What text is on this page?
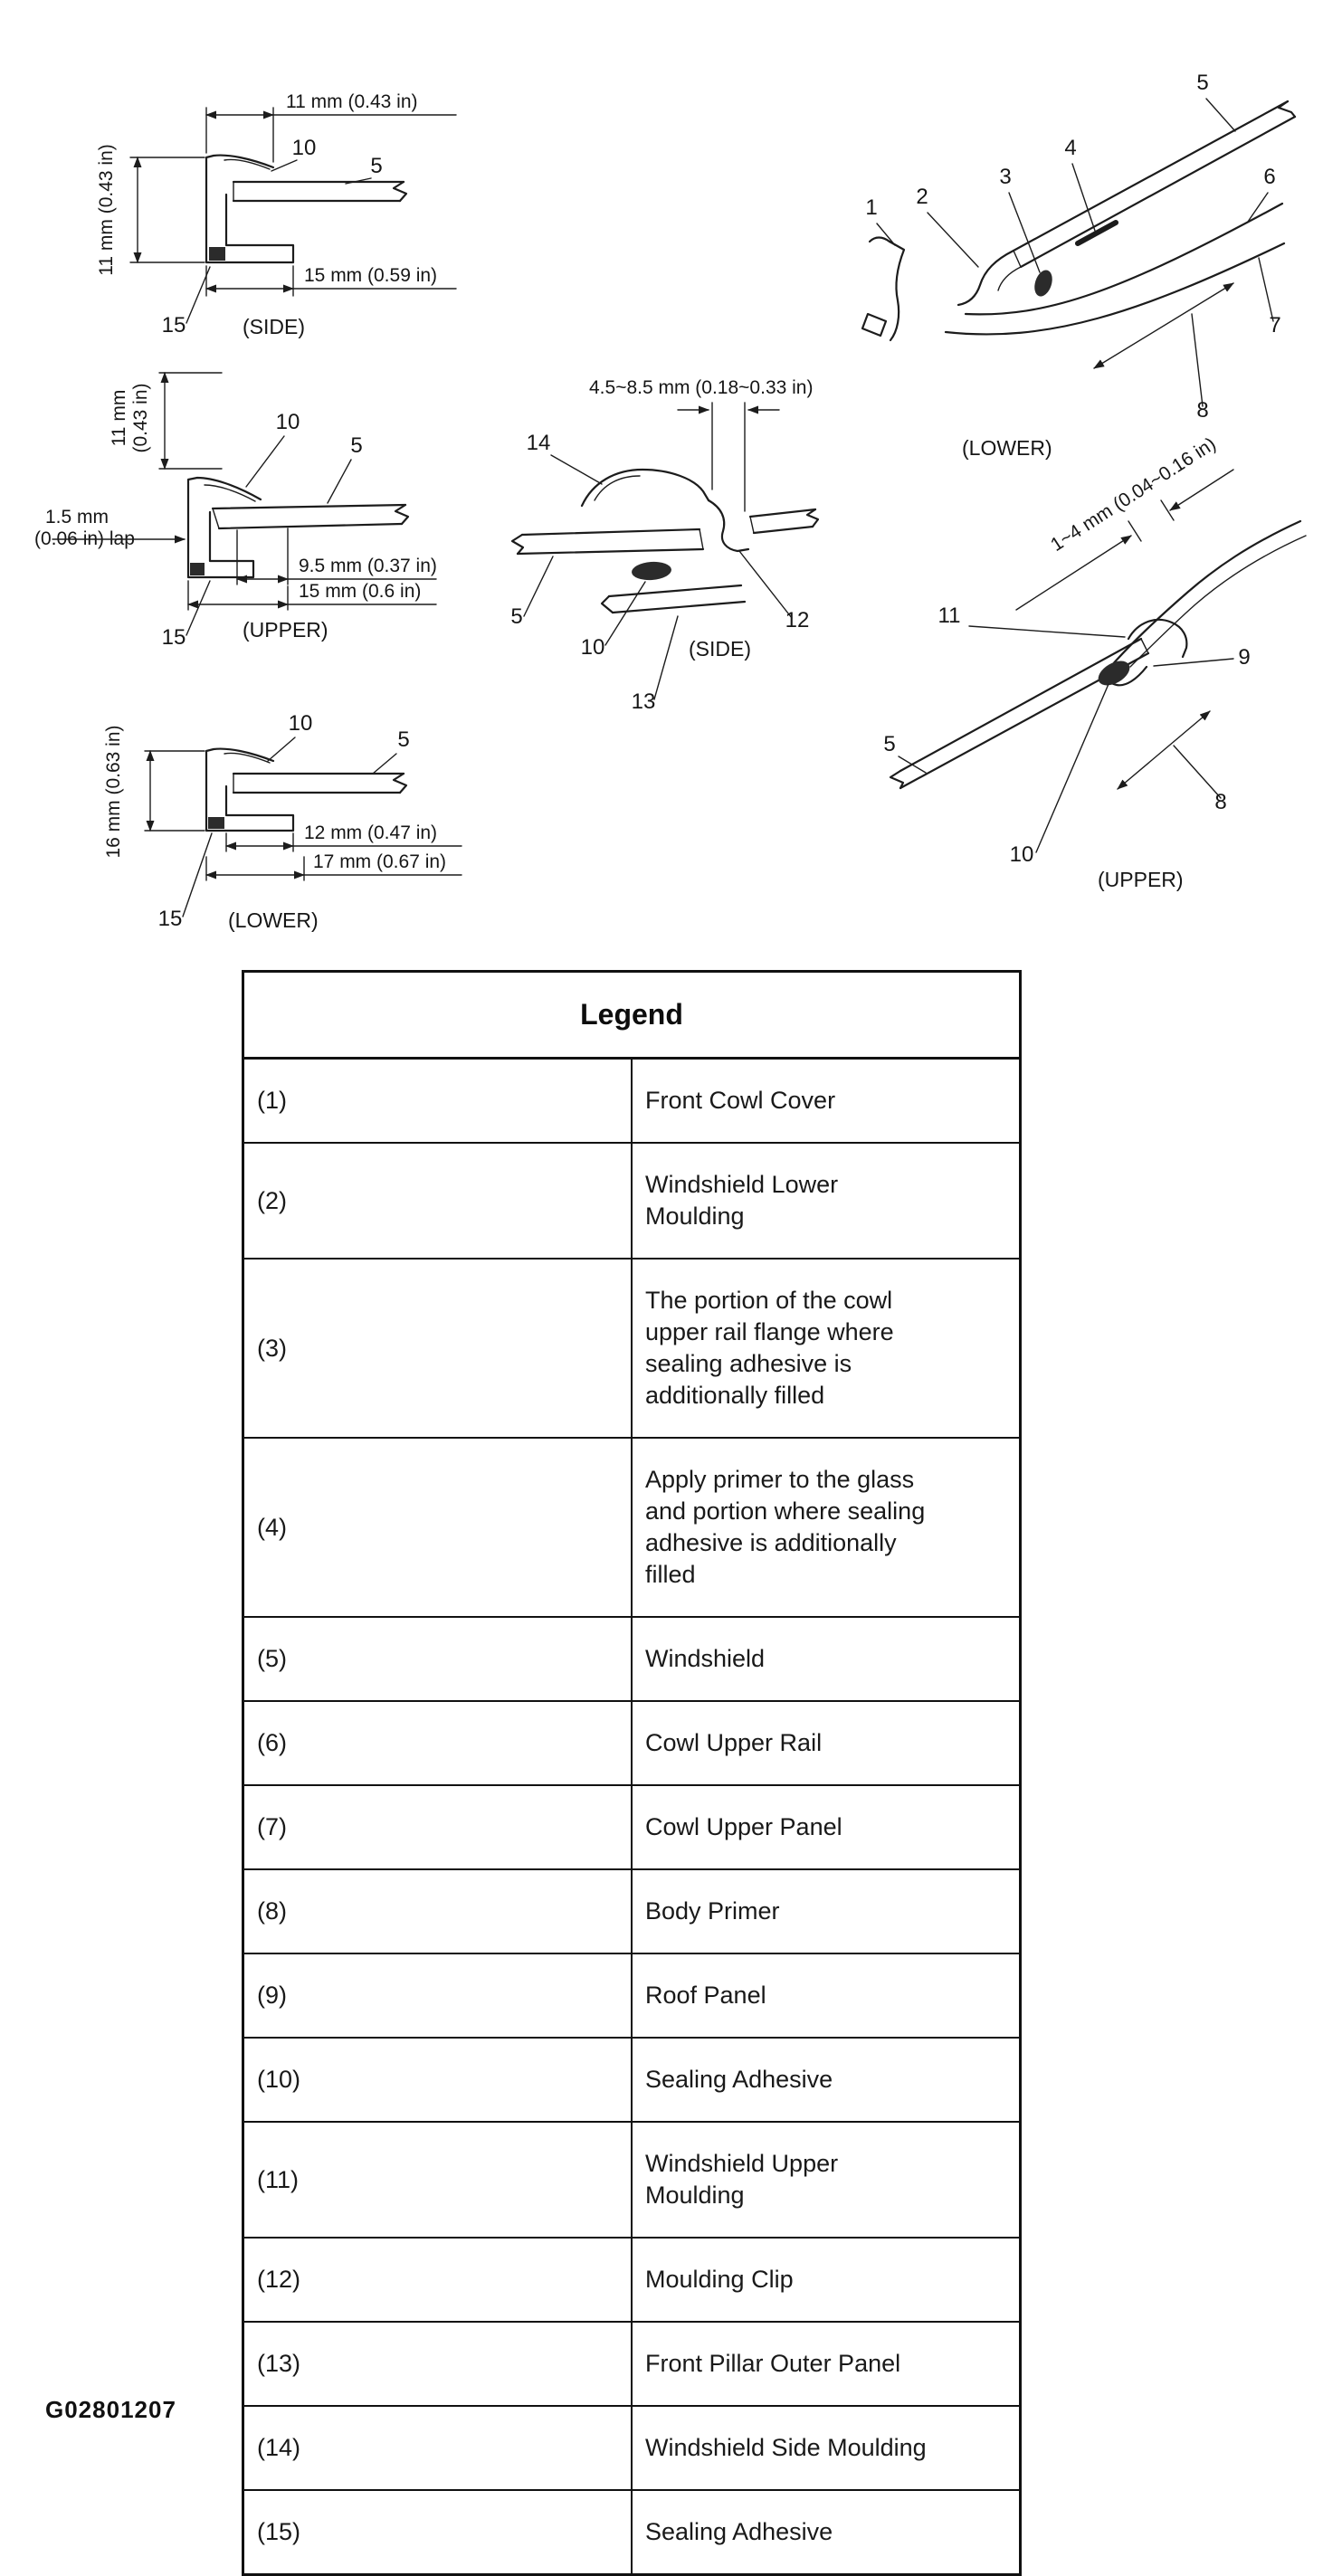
11 mm (0.43 in)
11 mm (0.43 in)	15 mm (0.59 in)
10
5
15	(SIDE)
11 mm (0.43 in)
1.5 mm
(0.06 in) lap
9.5 mm (0.37 in)
15 mm (0.6 in)
10
5
15	(UPPER)
16 mm (0.63 in)	12 mm (0.47 in)
17 mm (0.67 in)
10
5
15 (LOWER)
4.5~8.5 mm (0.18~0.33 in)
14
5
10
12
13
(SIDE)
1 2
3
4
5
6
7
8
(LOWER)
1~4 mm (0.04~0.16 in)
11
9
5
8
10
(UPPER)
Legend	
(1)	Front Cowl Cover
(2)	Windshield Lower Moulding
(3)	The portion of the cowl upper rail flange where sealing adhesive is additionally filled
(4)	Apply primer to the glass and portion where sealing adhesive is additionally filled
(5)	Windshield
(6)	Cowl Upper Rail
(7)	Cowl Upper Panel
(8)	Body Primer
(9)	Roof Panel
(10)	Sealing Adhesive
(11)	Windshield Upper Moulding
(12)	Moulding Clip
(13)	Front Pillar Outer Panel
(14)	Windshield Side Moulding
(15)	Sealing Adhesive
G02801207
